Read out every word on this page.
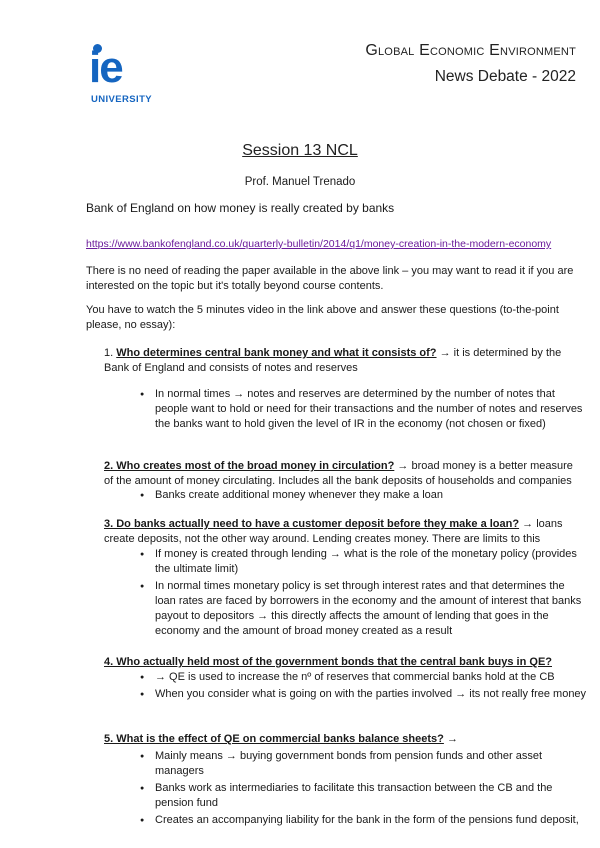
ie
UNIVERSITY
Global Economic Environment
News Debate - 2022
Session 13 NCL
Prof. Manuel Trenado
Bank of England on how money is really created by banks
https://www.bankofengland.co.uk/quarterly-bulletin/2014/q1/money-creation-in-the-modern-economy
There is no need of reading the paper available in the above link – you may want to read it if you are interested on the topic but it's totally beyond course contents.
You have to watch the 5 minutes video in the link above and answer these questions (to-the-point please, no essay):
1. Who determines central bank money and what it consists of? → it is determined by the Bank of England and consists of notes and reserves
● In normal times → notes and reserves are determined by the number of notes that people want to hold or need for their transactions and the number of notes and reserves the banks want to hold given the level of IR in the economy (not chosen or fixed)
2. Who creates most of the broad money in circulation? → broad money is a better measure of the amount of money circulating. Includes all the bank deposits of households and companies
● Banks create additional money whenever they make a loan
3. Do banks actually need to have a customer deposit before they make a loan? → loans create deposits, not the other way around. Lending creates money. There are limits to this
● If money is created through lending → what is the role of the monetary policy (provides the ultimate limit)
● In normal times monetary policy is set through interest rates and that determines the loan rates are faced by borrowers in the economy and the amount of interest that banks payout to depositors → this directly affects the amount of lending that goes in the economy and the amount of broad money created as a result
4. Who actually held most of the government bonds that the central bank buys in QE?
● → QE is used to increase the nº of reserves that commercial banks hold at the CB
● When you consider what is going on with the parties involved → its not really free money
5. What is the effect of QE on commercial banks balance sheets? →
● Mainly means → buying government bonds from pension funds and other asset managers
● Banks work as intermediaries to facilitate this transaction between the CB and the pension fund
● Creates an accompanying liability for the bank in the form of the pensions fund deposit,
